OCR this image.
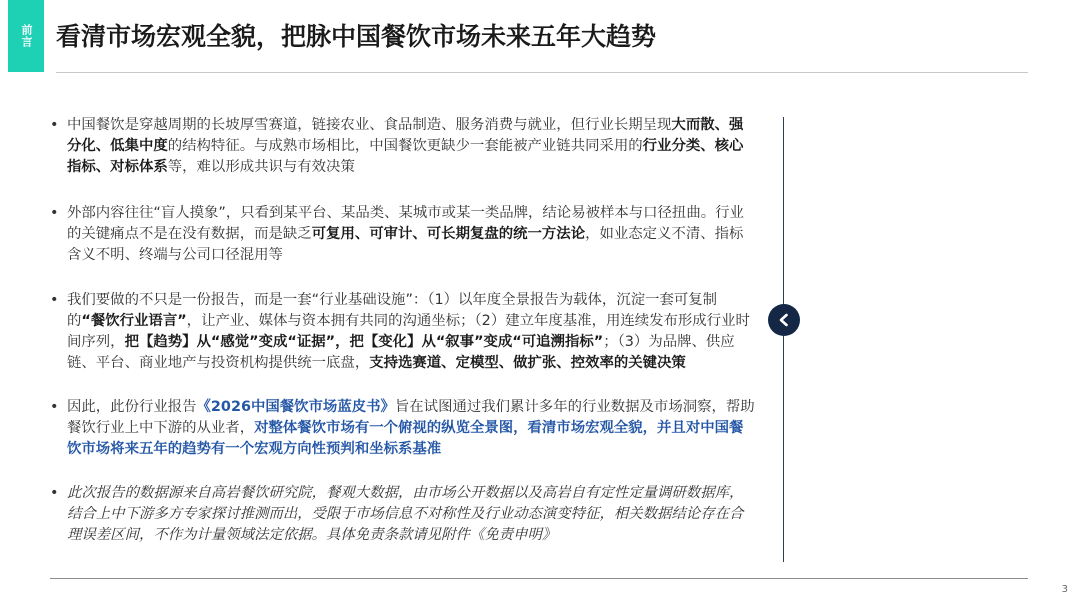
前言 看清市场宏观全貌，把脉中国餐饮市场未来五年大趋势
• 中国餐饮是穿越周期的长坡厚雪赛道，链接农业、食品制造、服务消费与就业，但行业长期呈现大而散、强分化、低集中度的结构特征。与成熟市场相比，中国餐饮更缺少一套能被产业链共同采用的行业分类、核心指标、对标体系等，难以形成共识与有效决策
• 外部内容往往“盲人摸象”，只看到某平台、某品类、某城市或某一类品牌，结论易被样本与口径扭曲。行业的关键痛点不是在没有数据，而是缺乏可复用、可审计、可长期复盘的统一方法论，如业态定义不清、指标含义不明、终端与公司口径混用等
• 我们要做的不只是一份报告，而是一套“行业基础设施”：（1）以年度全景报告为载体，沉淀一套可复制的“餐饮行业语言”，让产业、媒体与资本拥有共同的沟通坐标；（2）建立年度基准，用连续发布形成行业时间序列，把【趋势】从“感觉”变成“证据”，把【变化】从“叙事”变成“可追溯指标”；（3）为品牌、供应链、平台、商业地产与投资机构提供统一底盘，支持选赛道、定模型、做扩张、控效率的关键决策
• 因此，此份行业报告《2026中国餐饮市场蓝皮书》旨在试图通过我们累计多年的行业数据及市场洞察，帮助餐饮行业上中下游的从业者，对整体餐饮市场有一个俯视的纵览全景图，看清市场宏观全貌，并且对中国餐饮市场将来五年的趋势有一个宏观方向性预判和坐标系基准
• 此次报告的数据源来自高岩餐饮研究院，餐观大数据，由市场公开数据以及高岩自有定性定量调研数据库，结合上中下游多方专家探讨推测而出，受限于市场信息不对称性及行业动态演变特征，相关数据结论存在合理误差区间，不作为计量领域法定依据。具体免责条款请见附件《免责申明》
3
